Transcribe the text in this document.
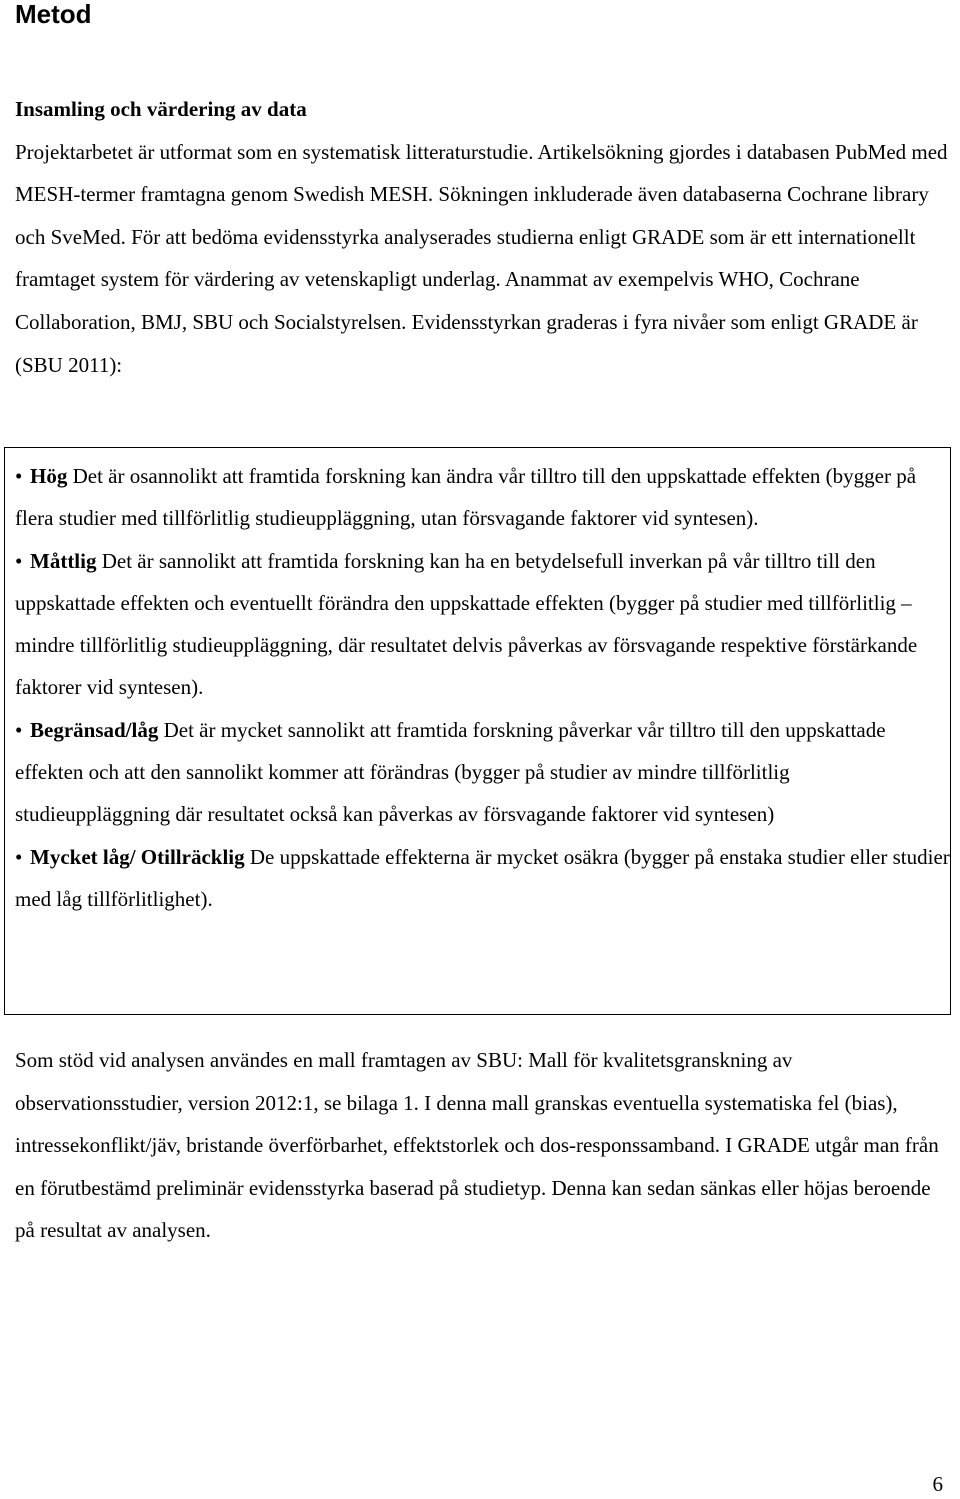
Metod
Insamling och värdering av data

Projektarbetet är utformat som en systematisk litteraturstudie. Artikelsökning gjordes i databasen PubMed med MESH-termer framtagna genom Swedish MESH. Sökningen inkluderade även databaserna Cochrane library och SveMed. För att bedöma evidensstyrka analyserades studierna enligt GRADE som är ett internationellt framtaget system för värdering av vetenskapligt underlag. Anammat av exempelvis WHO, Cochrane Collaboration, BMJ, SBU och Socialstyrelsen. Evidensstyrkan graderas i fyra nivåer som enligt GRADE är (SBU 2011):

• Hög Det är osannolikt att framtida forskning kan ändra vår tilltro till den uppskattade effekten (bygger på flera studier med tillförlitlig studieuppläggning, utan försvagande faktorer vid syntesen).
• Måttlig Det är sannolikt att framtida forskning kan ha en betydelsefull inverkan på vår tilltro till den uppskattade effekten och eventuellt förändra den uppskattade effekten (bygger på studier med tillförlitlig – mindre tillförlitlig studieuppläggning, där resultatet delvis påverkas av försvagande respektive förstärkande faktorer vid syntesen).
• Begränsad/låg Det är mycket sannolikt att framtida forskning påverkar vår tilltro till den uppskattade effekten och att den sannolikt kommer att förändras (bygger på studier av mindre tillförlitlig studieuppläggning där resultatet också kan påverkas av försvagande faktorer vid syntesen)
• Mycket låg/ Otillräcklig De uppskattade effekterna är mycket osäkra (bygger på enstaka studier eller studier med låg tillförlitlighet).

Som stöd vid analysen användes en mall framtagen av SBU: Mall för kvalitetsgranskning av observationsstudier, version 2012:1, se bilaga 1. I denna mall granskas eventuella systematiska fel (bias), intressekonflikt/jäv, bristande överförbarhet, effektstorlek och dos-responssamband. I GRADE utgår man från en förutbestämd preliminär evidensstyrka baserad på studietyp. Denna kan sedan sänkas eller höjas beroende på resultat av analysen.

6
